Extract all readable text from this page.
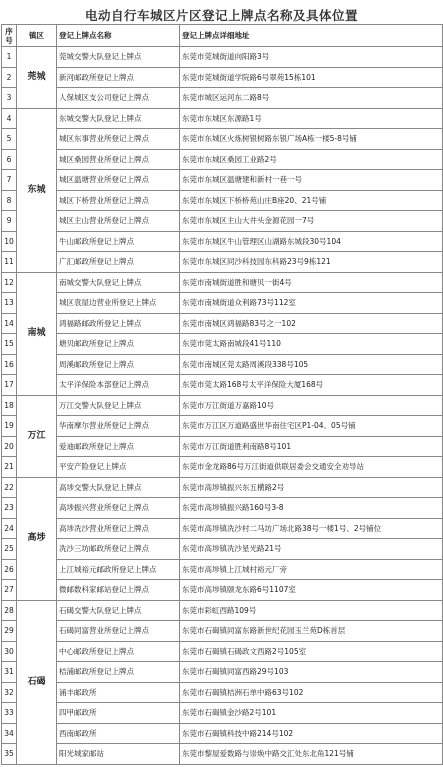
电动自行车城区片区登记上牌点名称及具体位置
序号	镇区	登记上牌点名称	登记上牌点详细地址
1	莞城	莞城交警大队登记上牌点	东莞市莞城街道向阳路3号
2		新河邮政所登记上牌点	东莞市莞城街道学院路6号翠苑15栋101
3		人保城区支公司登记上牌点	东莞市城区运河东二路8号
4	东城	东城交警大队登记上牌点	东莞市东城区东源路1号
5		城区东事营业所登记上牌点	东莞市东城区火炼树银树路东银广场A栋一楼5-8号铺
6		城区桑园营业所登记上牌点	东莞市东城区桑园工业路2号
7		城区温塘营业所登记上牌点	东莞市东城区温塘建和新村一巷一号
8		城区下桥营业所登记上牌点	东莞市东城区下桥桥苑山庄B座20、21号铺
9		城区主山营业所登记上牌点	东莞市东城区主山大井头金源花园一7号
10		牛山邮政所登记上牌点	东莞市东城区牛山管理区山湖路东城段30号104
11		广汇邮政所登记上牌点	东莞市东城区同沙科技园东科路23号9栋121
12	南城	南城交警大队登记上牌点	东莞市南城街道胜和塘贝一街4号
13		城区袁屋边营业所登记上牌点	东莞市南城街道众利路73号112室
14		鸿福路邮政所登记上牌点	东莞市南城区鸿福路83号之一102
15		塘贝邮政所登记上牌点	东莞市莞太路南城段41号110
16		周溪邮政所登记上牌点	东莞市南城区莞太路周溪段338号105
17		太平洋保险本部登记上牌点	东莞市莞太路168号太平洋保险大厦168号
18	万江	万江交警大队登记上牌点	东莞市万江街道万嘉路10号
19		华南摩尔营业所登记上牌点	东莞市万江区万道路盛世华南住宅区P1-04、05号铺
20		爱迪邮政所登记上牌点	东莞市万江街道胜利南路8号101
21		平安产险登记上牌点	东莞市金龙路86号万江街道供联居委会交通安全劝导站
22	高埗	高埗交警大队登记上牌点	东莞市高埗镇振兴东五横路2号
23		高埗振兴营业所登记上牌点	东莞市高埗镇振兴路160号3-8
24		高埗冼沙营业所登记上牌点	东莞市高埗镇冼沙村二马坊广场北路38号一楼1号、2号铺位
25		冼沙三坊邮政所登记上牌点	东莞市高埗镇冼沙星光路21号
26		上江城裕元邮政所登记上牌点	东莞市高埗镇上江城村裕元厂旁
27		微邮数科家邮站登记上牌点	东莞市高埗镇颐龙东路6号1107室
28	石碣	石碣交警大队登记上牌点	东莞市彩虹西路109号
29		石碣同富营业所登记上牌点	东莞市石碣镇同富东路新世纪花园玉兰苑D栋首层
30		中心邮政所登记上牌点	东莞市石碣镇石碣政文西路2号105室
31		桔浦邮政所登记上牌点	东莞市石碣镇同富西路29号103
32		涌丰邮政所	东莞市石碣镇桔洲石单中路63号102
33		四甲邮政所	东莞市石碣镇金沙路2号101
34		西南邮政所	东莞市石碣镇科技中路214号102
35		阳光城家邮站	东莞市黎屋爱数路与崇焕中路交汇处东北角121号铺
